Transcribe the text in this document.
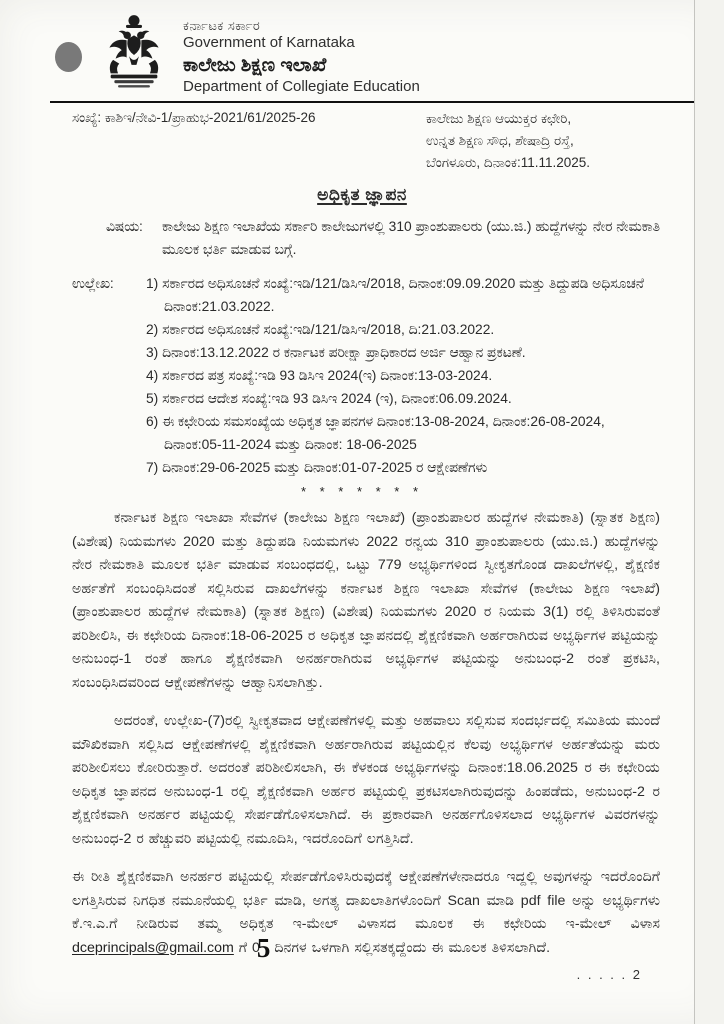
ಕರ್ನಾಟಕ ಸರ್ಕಾರ
Government of Karnataka
ಕಾಲೇಜು ಶಿಕ್ಷಣ ಇಲಾಖೆ
Department of Collegiate Education
ಸಂಖ್ಯೆ: ಕಾಶಿಇ/ನೇವಿ-1/ಪ್ರಾಹುಭ-2021/61/2025-26	ಕಾಲೇಜು ಶಿಕ್ಷಣ ಆಯುಕ್ತರ ಕಛೇರಿ,
ಉನ್ನತ ಶಿಕ್ಷಣ ಸೌಧ, ಶೇಷಾದ್ರಿ ರಸ್ತೆ,
ಬೆಂಗಳೂರು, ದಿನಾಂಕ:11.11.2025.
ಅಧಿಕೃತ ಜ್ಞಾಪನ
ವಿಷಯ:	ಕಾಲೇಜು ಶಿಕ್ಷಣ ಇಲಾಖೆಯ ಸರ್ಕಾರಿ ಕಾಲೇಜುಗಳಲ್ಲಿ 310 ಪ್ರಾಂಶುಪಾಲರು (ಯು.ಜಿ.) ಹುದ್ದೆಗಳನ್ನು ನೇರ ನೇಮಕಾತಿ ಮೂಲಕ ಭರ್ತಿ ಮಾಡುವ ಬಗ್ಗೆ.
ಉಲ್ಲೇಖ:	1) ಸರ್ಕಾರದ ಅಧಿಸೂಚನೆ ಸಂಖ್ಯೆ:ಇಡಿ/121/ಡಿಸಿಇ/2018, ದಿನಾಂಕ:09.09.2020 ಮತ್ತು ತಿದ್ದುಪಡಿ ಅಧಿಸೂಚನೆ ದಿನಾಂಕ:21.03.2022.
2) ಸರ್ಕಾರದ ಅಧಿಸೂಚನೆ ಸಂಖ್ಯೆ:ಇಡಿ/121/ಡಿಸಿಇ/2018, ದಿ:21.03.2022.
3) ದಿನಾಂಕ:13.12.2022 ರ ಕರ್ನಾಟಕ ಪರೀಕ್ಷಾ ಪ್ರಾಧಿಕಾರದ ಅರ್ಜಿ ಆಹ್ವಾನ ಪ್ರಕಟಣೆ.
4) ಸರ್ಕಾರದ ಪತ್ರ ಸಂಖ್ಯೆ:ಇಡಿ 93 ಡಿಸಿಇ 2024(ಇ) ದಿನಾಂಕ:13-03-2024.
5) ಸರ್ಕಾರದ ಆದೇಶ ಸಂಖ್ಯೆ:ಇಡಿ 93 ಡಿಸಿಇ 2024 (ಇ), ದಿನಾಂಕ:06.09.2024.
6) ಈ ಕಛೇರಿಯ ಸಮಸಂಖ್ಯೆಯ ಅಧಿಕೃತ ಜ್ಞಾಪನಗಳ ದಿನಾಂಕ:13-08-2024, ದಿನಾಂಕ:26-08-2024, ದಿನಾಂಕ:05-11-2024 ಮತ್ತು ದಿನಾಂಕ: 18-06-2025
7) ದಿನಾಂಕ:29-06-2025 ಮತ್ತು ದಿನಾಂಕ:01-07-2025 ರ ಆಕ್ಷೇಪಣೆಗಳು
* * * * * * *

ಕರ್ನಾಟಕ ಶಿಕ್ಷಣ ಇಲಾಖಾ ಸೇವೆಗಳ (ಕಾಲೇಜು ಶಿಕ್ಷಣ ಇಲಾಖೆ) (ಪ್ರಾಂಶುಪಾಲರ ಹುದ್ದೆಗಳ ನೇಮಕಾತಿ) (ಸ್ನಾತಕ ಶಿಕ್ಷಣ) (ವಿಶೇಷ) ನಿಯಮಗಳು 2020 ಮತ್ತು ತಿದ್ದುಪಡಿ ನಿಯಮಗಳು 2022 ರನ್ವಯ 310 ಪ್ರಾಂಶುಪಾಲರು (ಯು.ಜಿ.) ಹುದ್ದೆಗಳನ್ನು ನೇರ ನೇಮಕಾತಿ ಮೂಲಕ ಭರ್ತಿ ಮಾಡುವ ಸಂಬಂಧದಲ್ಲಿ, ಒಟ್ಟು 779 ಅಭ್ಯರ್ಥಿಗಳಿಂದ ಸ್ವೀಕೃತಗೊಂಡ ದಾಖಲೆಗಳಲ್ಲಿ, ಶೈಕ್ಷಣಿಕ ಅರ್ಹತೆಗೆ ಸಂಬಂಧಿಸಿದಂತೆ ಸಲ್ಲಿಸಿರುವ ದಾಖಲೆಗಳನ್ನು ಕರ್ನಾಟಕ ಶಿಕ್ಷಣ ಇಲಾಖಾ ಸೇವೆಗಳ (ಕಾಲೇಜು ಶಿಕ್ಷಣ ಇಲಾಖೆ) (ಪ್ರಾಂಶುಪಾಲರ ಹುದ್ದೆಗಳ ನೇಮಕಾತಿ) (ಸ್ನಾತಕ ಶಿಕ್ಷಣ) (ವಿಶೇಷ) ನಿಯಮಗಳು 2020 ರ ನಿಯಮ 3(1) ರಲ್ಲಿ ತಿಳಿಸಿರುವಂತೆ ಪರಿಶೀಲಿಸಿ, ಈ ಕಛೇರಿಯ ದಿನಾಂಕ:18-06-2025 ರ ಅಧಿಕೃತ ಜ್ಞಾಪನದಲ್ಲಿ ಶೈಕ್ಷಣಿಕವಾಗಿ ಅರ್ಹರಾಗಿರುವ ಅಭ್ಯರ್ಥಿಗಳ ಪಟ್ಟಿಯನ್ನು ಅನುಬಂಧ-1 ರಂತೆ ಹಾಗೂ ಶೈಕ್ಷಣಿಕವಾಗಿ ಅನರ್ಹರಾಗಿರುವ ಅಭ್ಯರ್ಥಿಗಳ ಪಟ್ಟಿಯನ್ನು ಅನುಬಂಧ-2 ರಂತೆ ಪ್ರಕಟಿಸಿ, ಸಂಬಂಧಿಸಿದವರಿಂದ ಆಕ್ಷೇಪಣೆಗಳನ್ನು ಆಹ್ವಾನಿಸಲಾಗಿತ್ತು.

ಅದರಂತೆ, ಉಲ್ಲೇಖ-(7)ರಲ್ಲಿ ಸ್ವೀಕೃತವಾದ ಆಕ್ಷೇಪಣೆಗಳಲ್ಲಿ ಮತ್ತು ಅಹವಾಲು ಸಲ್ಲಿಸುವ ಸಂದರ್ಭದಲ್ಲಿ ಸಮಿತಿಯ ಮುಂದೆ ಮೌಖಿಕವಾಗಿ ಸಲ್ಲಿಸಿದ ಆಕ್ಷೇಪಣೆಗಳಲ್ಲಿ ಶೈಕ್ಷಣಿಕವಾಗಿ ಅರ್ಹರಾಗಿರುವ ಪಟ್ಟಿಯಲ್ಲಿನ ಕೆಲವು ಅಭ್ಯರ್ಥಿಗಳ ಅರ್ಹತೆಯನ್ನು ಮರು ಪರಿಶೀಲಿಸಲು ಕೋರಿರುತ್ತಾರೆ. ಅದರಂತೆ ಪರಿಶೀಲಿಸಲಾಗಿ, ಈ ಕೆಳಕಂಡ ಅಭ್ಯರ್ಥಿಗಳನ್ನು ದಿನಾಂಕ:18.06.2025 ರ ಈ ಕಛೇರಿಯ ಅಧಿಕೃತ ಜ್ಞಾಪನದ ಅನುಬಂಧ-1 ರಲ್ಲಿ ಶೈಕ್ಷಣಿಕವಾಗಿ ಅರ್ಹರ ಪಟ್ಟಿಯಲ್ಲಿ ಪ್ರಕಟಿಸಲಾಗಿರುವುದನ್ನು ಹಿಂಪಡೆದು, ಅನುಬಂಧ-2 ರ ಶೈಕ್ಷಣಿಕವಾಗಿ ಅನರ್ಹರ ಪಟ್ಟಿಯಲ್ಲಿ ಸೇರ್ಪಡೆಗೊಳಿಸಲಾಗಿದೆ. ಈ ಪ್ರಕಾರವಾಗಿ ಅನರ್ಹಗೊಳಿಸಲಾದ ಅಭ್ಯರ್ಥಿಗಳ ವಿವರಗಳನ್ನು ಅನುಬಂಧ-2 ರ ಹೆಚ್ಚುವರಿ ಪಟ್ಟಿಯಲ್ಲಿ ನಮೂದಿಸಿ, ಇದರೊಂದಿಗೆ ಲಗತ್ತಿಸಿದೆ.

ಈ ರೀತಿ ಶೈಕ್ಷಣಿಕವಾಗಿ ಅನರ್ಹರ ಪಟ್ಟಿಯಲ್ಲಿ ಸೇರ್ಪಡೆಗೊಳಿಸಿರುವುದಕ್ಕೆ ಆಕ್ಷೇಪಣೆಗಳೇನಾದರೂ ಇದ್ದಲ್ಲಿ ಅವುಗಳನ್ನು ಇದರೊಂದಿಗೆ ಲಗತ್ತಿಸಿರುವ ನಿಗಧಿತ ನಮೂನೆಯಲ್ಲಿ ಭರ್ತಿ ಮಾಡಿ, ಅಗತ್ಯ ದಾಖಲಾತಿಗಳೊಂದಿಗೆ Scan ಮಾಡಿ pdf file ಅನ್ನು ಅಭ್ಯರ್ಥಿಗಳು ಕೆ.ಇ.ಎ.ಗೆ ನೀಡಿರುವ ತಮ್ಮ ಅಧಿಕೃತ ಇ-ಮೇಲ್ ವಿಳಾಸದ ಮೂಲಕ ಈ ಕಛೇರಿಯ ಇ-ಮೇಲ್ ವಿಳಾಸ dceprincipals@gmail.com ಗೆ 05 ದಿನಗಳ ಒಳಗಾಗಿ ಸಲ್ಲಿಸತಕ್ಕದ್ದೆಂದು ಈ ಮೂಲಕ ತಿಳಿಸಲಾಗಿದೆ.

. . . . . 2
